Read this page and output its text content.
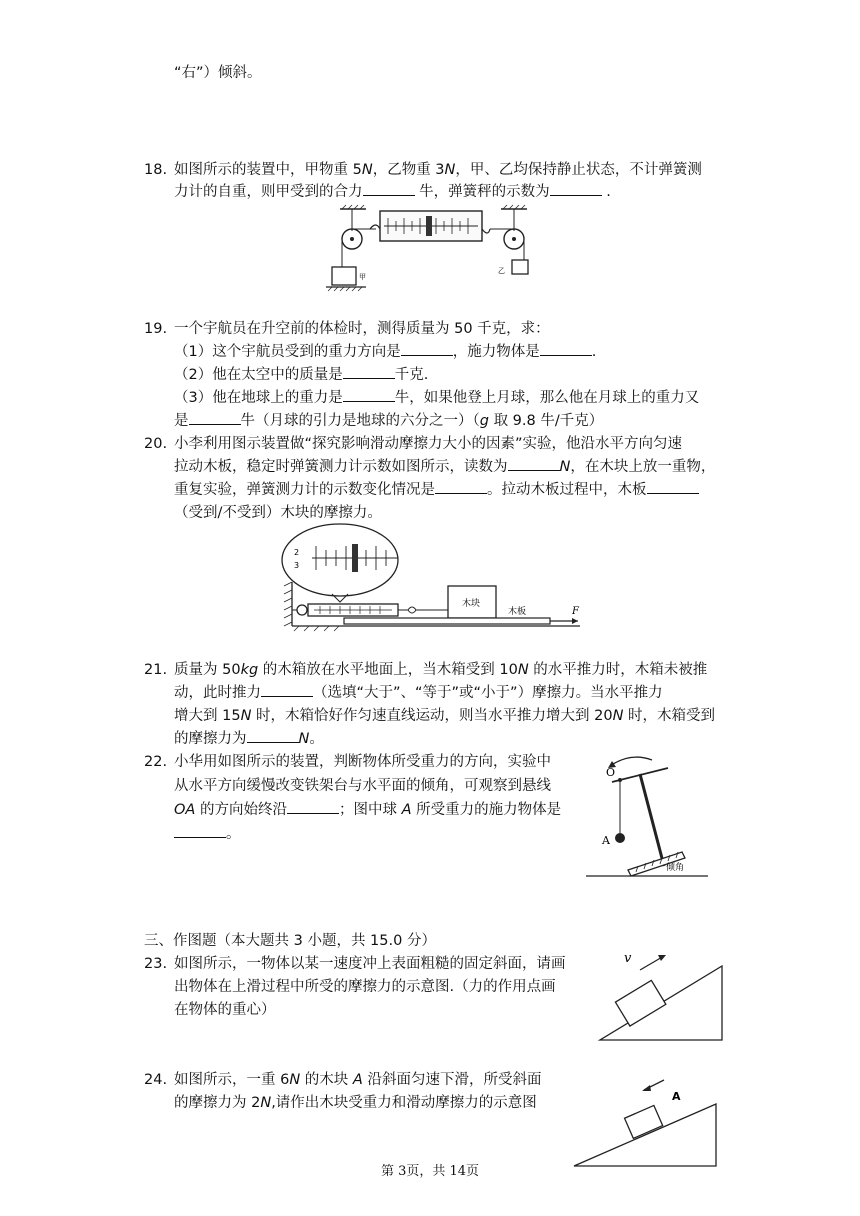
“右”）倾斜。
18. 如图所示的装置中，甲物重 5N，乙物重 3N，甲、乙均保持静止状态，不计弹簧测
力计的自重，则甲受到的合力	牛，弹簧秤的示数为	.
甲
乙
19. 一个宇航员在升空前的体检时，测得质量为 50 千克，求：
（1）这个宇航员受到的重力方向是	，施力物体是	.
（2）他在太空中的质量是	千克.
（3）他在地球上的重力是	牛，如果他登上月球，那么他在月球上的重力又
是	牛（月球的引力是地球的六分之一）（g 取 9.8 牛/千克）
20. 小李利用图示装置做“探究影响滑动摩擦力大小的因素”实验，他沿水平方向匀速
拉动木板，稳定时弹簧测力计示数如图所示，读数为	N，在木块上放一重物，
重复实验，弹簧测力计的示数变化情况是	。拉动木板过程中，木板
（受到/不受到）木块的摩擦力。
2
3
木块
木板	F
21. 质量为 50kg 的木箱放在水平地面上，当木箱受到 10N 的水平推力时，木箱未被推
动，此时推力	（选填“大于”、“等于”或“小于”）摩擦力。当水平推力
增大到 15N 时，木箱恰好作匀速直线运动，则当水平推力增大到 20N 时，木箱受到
的摩擦力为	N。
22. 小华用如图所示的装置，判断物体所受重力的方向，实验中
从水平方向缓慢改变铁架台与水平面的倾角，可观察到悬线
OA 的方向始终沿	；图中球 A 所受重力的施力物体是
。
O
A
倾角
三、作图题（本大题共 3 小题，共 15.0 分）
23. 如图所示，一物体以某一速度冲上表面粗糙的固定斜面，请画
出物体在上滑过程中所受的摩擦力的示意图.（力的作用点画
在物体的重心）
v
24. 如图所示，一重 6N 的木块 A 沿斜面匀速下滑，所受斜面
的摩擦力为 2N,请作出木块受重力和滑动摩擦力的示意图	A
第 3页，共 14页
